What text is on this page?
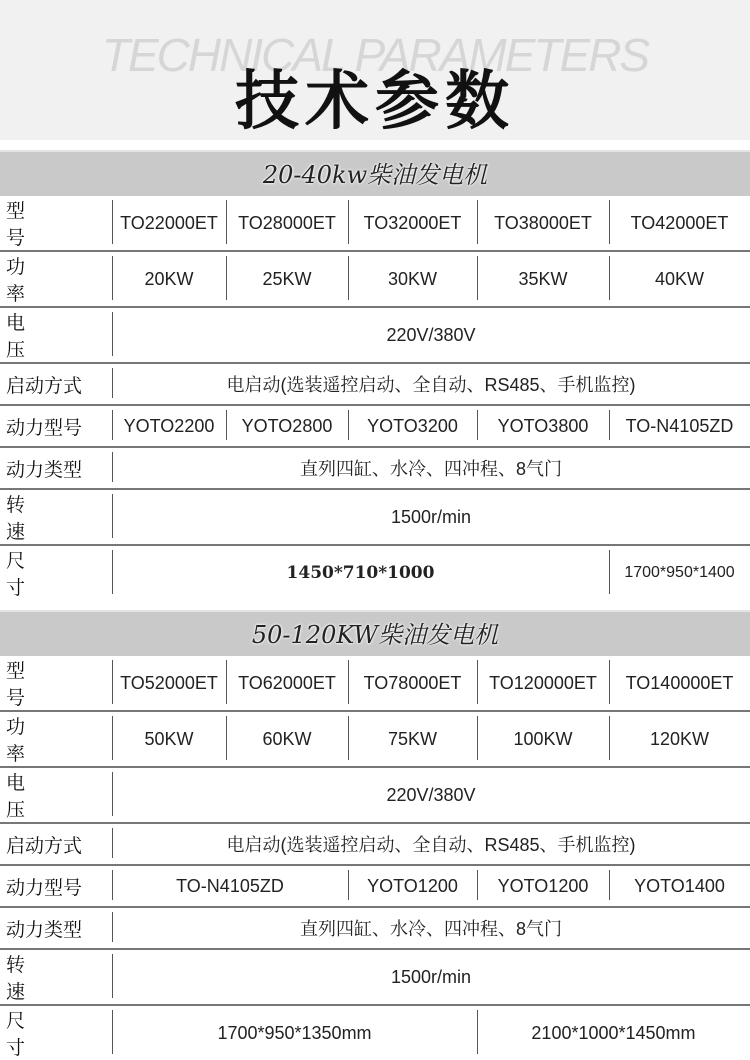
TECHNICAL PARAMETERS
技术参数
20-40kw柴油发电机
型号	TO22000ET	TO28000ET	TO32000ET	TO38000ET	TO42000ET
功率	20KW	25KW	30KW	35KW	40KW
电压	220V/380V				
启动方式	电启动(选装遥控启动、全自动、RS485、手机监控)				
动力型号	YOTO2200	YOTO2800	YOTO3200	YOTO3800	TO-N4105ZD
动力类型	直列四缸、水冷、四冲程、8气门				
转速	1500r/min				
尺寸	1450*710*1000				1700*950*1400
50-120KW柴油发电机
型号	TO52000ET	TO62000ET	TO78000ET	TO120000ET	TO140000ET
功率	50KW	60KW	75KW	100KW	120KW
电压	220V/380V				
启动方式	电启动(选装遥控启动、全自动、RS485、手机监控)				
动力型号	TO-N4105ZD		YOTO1200	YOTO1200	YOTO1400
动力类型	直列四缸、水冷、四冲程、8气门				
转速	1500r/min				
尺寸	1700*950*1350mm			2100*1000*1450mm	
